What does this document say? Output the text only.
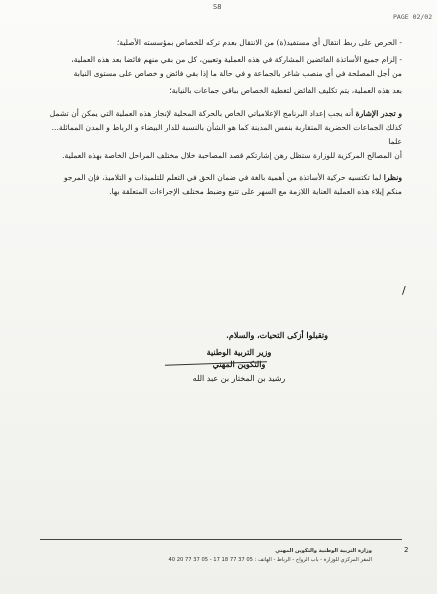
S8
PAGE 02/02

- الحرص على ربط انتقال أي مستفيد(ة) من الانتقال بعدم تركه للخصاص بمؤسسته الأصلية؛

- إلزام جميع الأساتذة الفائضين المشاركة في هذه العملية وتعيين، كل من بقي منهم فائضا بعد هذه العملية،

من أجل المصلحة في أي منصب شاغر بالجماعة و في حالة ما إذا بقي فائض و خصاص على مستوى النيابة

بعد هذه العملية، يتم تكليف الفائض لتغطية الخصاص بباقي جماعات بالنيابة؛

و تجدر الإشارة أنه يجب إعداد البرنامج الإعلامياتي الخاص بالحركة المحلية لإنجاز هذه العملية التي يمكن أن تشمل

كذلك الجماعات الحضرية المتقاربة بنفس المدينة كما هو الشأن بالنسبة للدار البيضاء و الرباط و المدن المماثلة... علما

أن المصالح المركزية للوزارة ستظل رهن إشارتكم قصد المصاحبة خلال مختلف المراحل الخاصة بهذه العملية.

ونظرا لما تكتسيه حركية الأساتذة من أهمية بالغة في ضمان الحق في التعلم للتلميذات و التلاميذ، فإن المرجو

منكم إيلاء هذه العملية العناية اللازمة مع السهر على تتبع وضبط مختلف الإجراءات المتعلقة بها.

وتقبلوا أزكى التحيات، والسلام.
وزير التربية الوطنية
والتكوين المهني
رشيد بن المختار بن عبد الله
/
2
وزارة التربية الوطنية والتكوين المهني
المقر المركزي للوزارة - باب الرواح - الرباط - الهاتف : 05 37 77 18 17 - 05 37 77 20 40
